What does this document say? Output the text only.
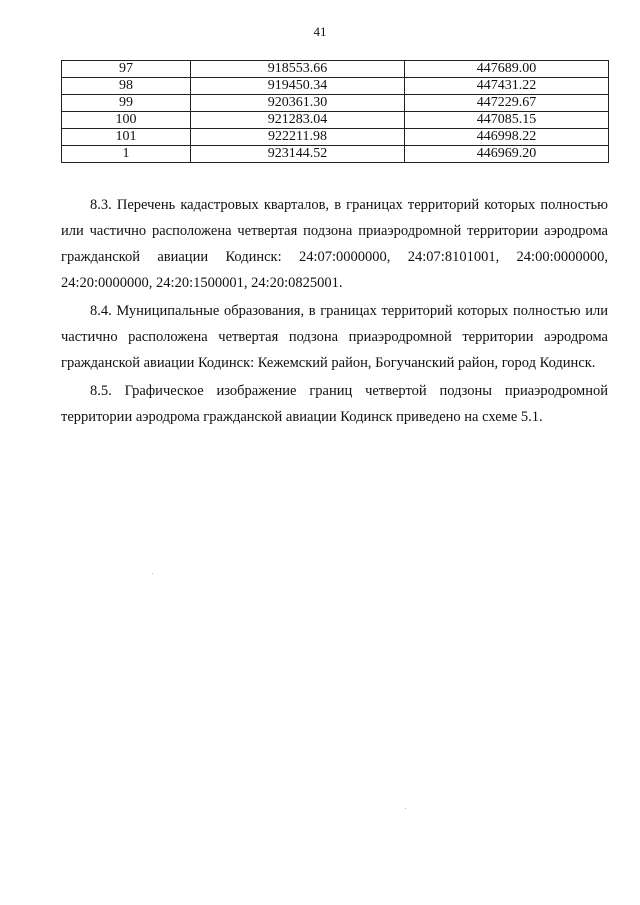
41
97	918553.66	447689.00
98	919450.34	447431.22
99	920361.30	447229.67
100	921283.04	447085.15
101	922211.98	446998.22
1	923144.52	446969.20

8.3. Перечень кадастровых кварталов, в границах территорий которых полностью или частично расположена четвертая подзона приаэродромной территории аэродрома гражданской авиации Кодинск: 24:07:0000000, 24:07:8101001, 24:00:0000000, 24:20:0000000, 24:20:1500001, 24:20:0825001.

8.4. Муниципальные образования, в границах территорий которых полностью или частично расположена четвертая подзона приаэродромной территории аэродрома гражданской авиации Кодинск: Кежемский район, Богучанский район, город Кодинск.

8.5. Графическое изображение границ четвертой подзоны приаэродромной территории аэродрома гражданской авиации Кодинск приведено на схеме 5.1.
